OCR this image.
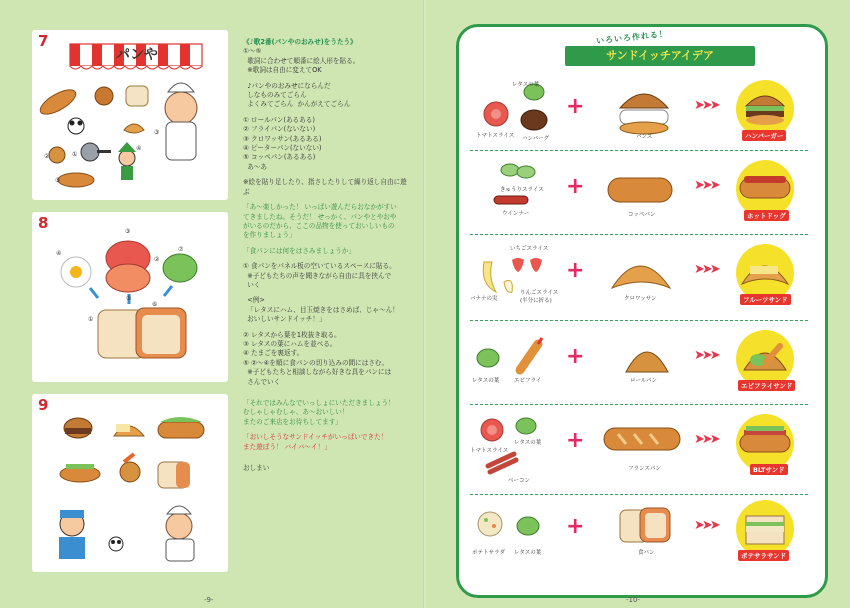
7
②	①
④
③
⑤
パンや
8
④
③
②
⑦
⑤
①
⑥
9

《♪歌2番(パンやのおみせ)をうたう》

①〜⑤

歌詞に合わせて順番に絵人形を貼る。

※歌詞は自由に変えてOK

♪パンやのおみせにならんだ

しなものみてごらん

よくみてごらん  かんがえてごらん

① ロールパン(あるある)

② フライパン(ないない)

③ クロワッサン(あるある)

④ ピーターパン(ないない)

⑤ コッペパン(あるある)

あ〜あ

※絵を貼り足したり、指さしたりして繰り返し自由に遊ぶ

「あ〜楽しかった！ いっぱい遊んだらおなかがすい

てきましたね。そうだ！ せっかく、パンやとやおや

がいるのだから、ここの品物を使っておいしいもの

を作りましょう」

「食パンには何をはさみましょうか」

① 食パンをパネル板の空いているスペースに貼る。

※子どもたちの声を聞きながら自由に具を挟んで

いく

<例>

「レタスにハム、目玉焼きをはさめば、じゃ〜ん！

おいしいサンドイッチ！」

② レタスから葉を1枚抜き取る。

③ レタスの葉にハムを並べる。

④ たまごを裏返す。

⑤ ②〜④を順に食パンの切り込みの間にはさむ。

※子どもたちと相談しながら好きな具をパンには

さんでいく

「それではみんなでいっしょにいただきましょう！

むしゃしゃむしゃ、あ〜おいしい！

またのご来店をお待ちしてます」

「おいしそうなサンドイッチがいっぱいできた！

また遊ぼう！ バイバ〜イ！」

おしまい

-9-
いろいろ作れる！
サンドイッチアイデア
レタスの葉
トマトスライス ハンバーグ
+
バンズ
➤➤➤
ハンバーガー
きゅうりスライス
ウインナー
+
コッペパン
➤➤➤
ホットドッグ
いちごスライス
バナナの実
りんごスライス (半分に折る)
+
クロワッサン
➤➤➤
フルーツサンド
レタスの葉	エビフライ
+
ロールパン
➤➤➤
エビフライサンド
トマトスライス
レタスの葉
ベーコン
+
フランスパン
➤➤➤
BLTサンド
ポテトサラダ レタスの葉
+
食パン
➤➤➤
ポテサラサンド
-10-
